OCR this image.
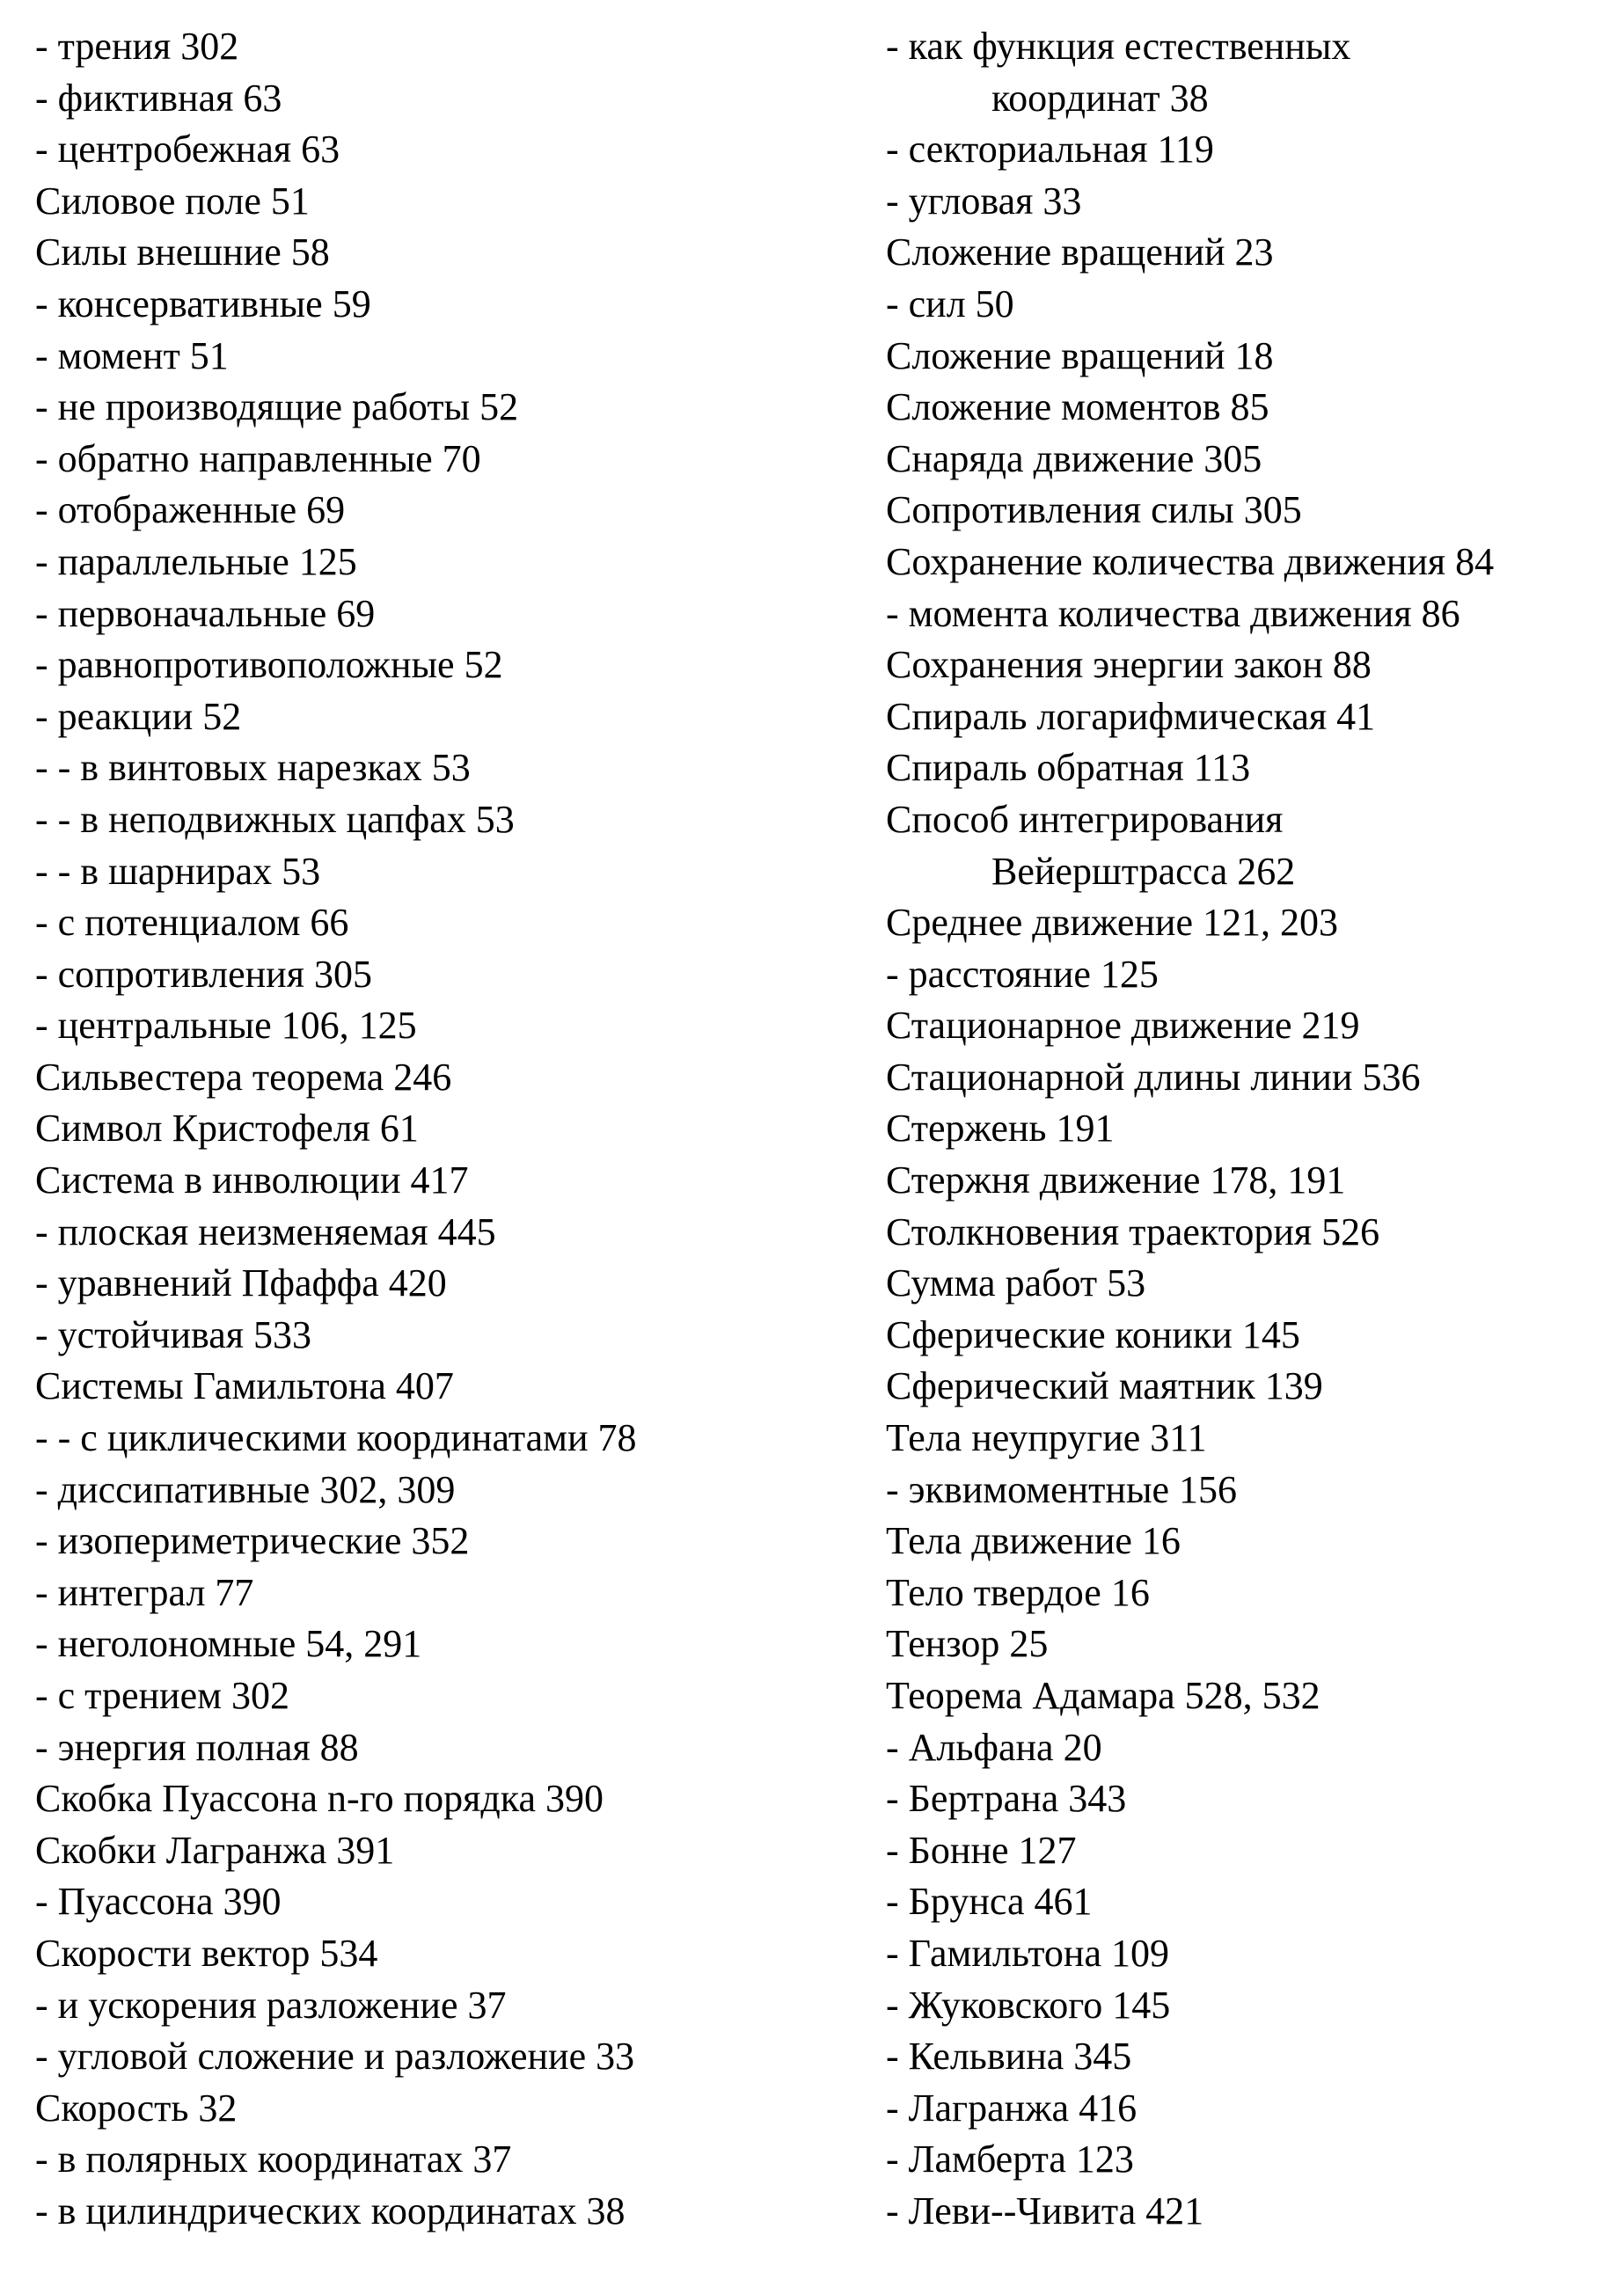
- трения 302
- фиктивная 63
- центробежная 63
Силовое поле 51
Силы внешние 58
- консервативные 59
- момент 51
- не производящие работы 52
- обратно направленные 70
- отображенные 69
- параллельные 125
- первоначальные 69
- равнопротивоположные 52
- реакции 52
- - в винтовых нарезках 53
- - в неподвижных цапфах 53
- - в шарнирах 53
- с потенциалом 66
- сопротивления 305
- центральные 106, 125
Сильвестера теорема 246
Символ Кристофеля 61
Система в инволюции 417
- плоская неизменяемая 445
- уравнений Пфаффа 420
- устойчивая 533
Системы Гамильтона 407
- - с циклическими координатами 78
- диссипативные 302, 309
- изопериметрические 352
- интеграл 77
- неголономные 54, 291
- с трением 302
- энергия полная 88
Скобка Пуассона n-го порядка 390
Скобки Лагранжа 391
- Пуассона 390
Скорости вектор 534
- и ускорения разложение 37
- угловой сложение и разложение 33
Скорость 32
- в полярных координатах 37
- в цилиндрических координатах 38
- как функция естественных
координат 38
- секториальная 119
- угловая 33
Сложение вращений 23
- сил 50
Сложение вращений 18
Сложение моментов 85
Снаряда движение 305
Сопротивления силы 305
Сохранение количества движения 84
- момента количества движения 86
Сохранения энергии закон 88
Спираль логарифмическая 41
Спираль обратная 113
Способ интегрирования
Вейерштрасса 262
Среднее движение 121, 203
- расстояние 125
Стационарное движение 219
Стационарной длины линии 536
Стержень 191
Стержня движение 178, 191
Столкновения траектория 526
Сумма работ 53
Сферические коники 145
Сферический маятник 139
Тела неупругие 311
- эквимоментные 156
Тела движение 16
Тело твердое 16
Тензор 25
Теорема Адамара 528, 532
- Альфана 20
- Бертрана 343
- Бонне 127
- Брунса 461
- Гамильтона 109
- Жуковского 145
- Кельвина 345
- Лагранжа 416
- Ламберта 123
- Леви--Чивита 421
